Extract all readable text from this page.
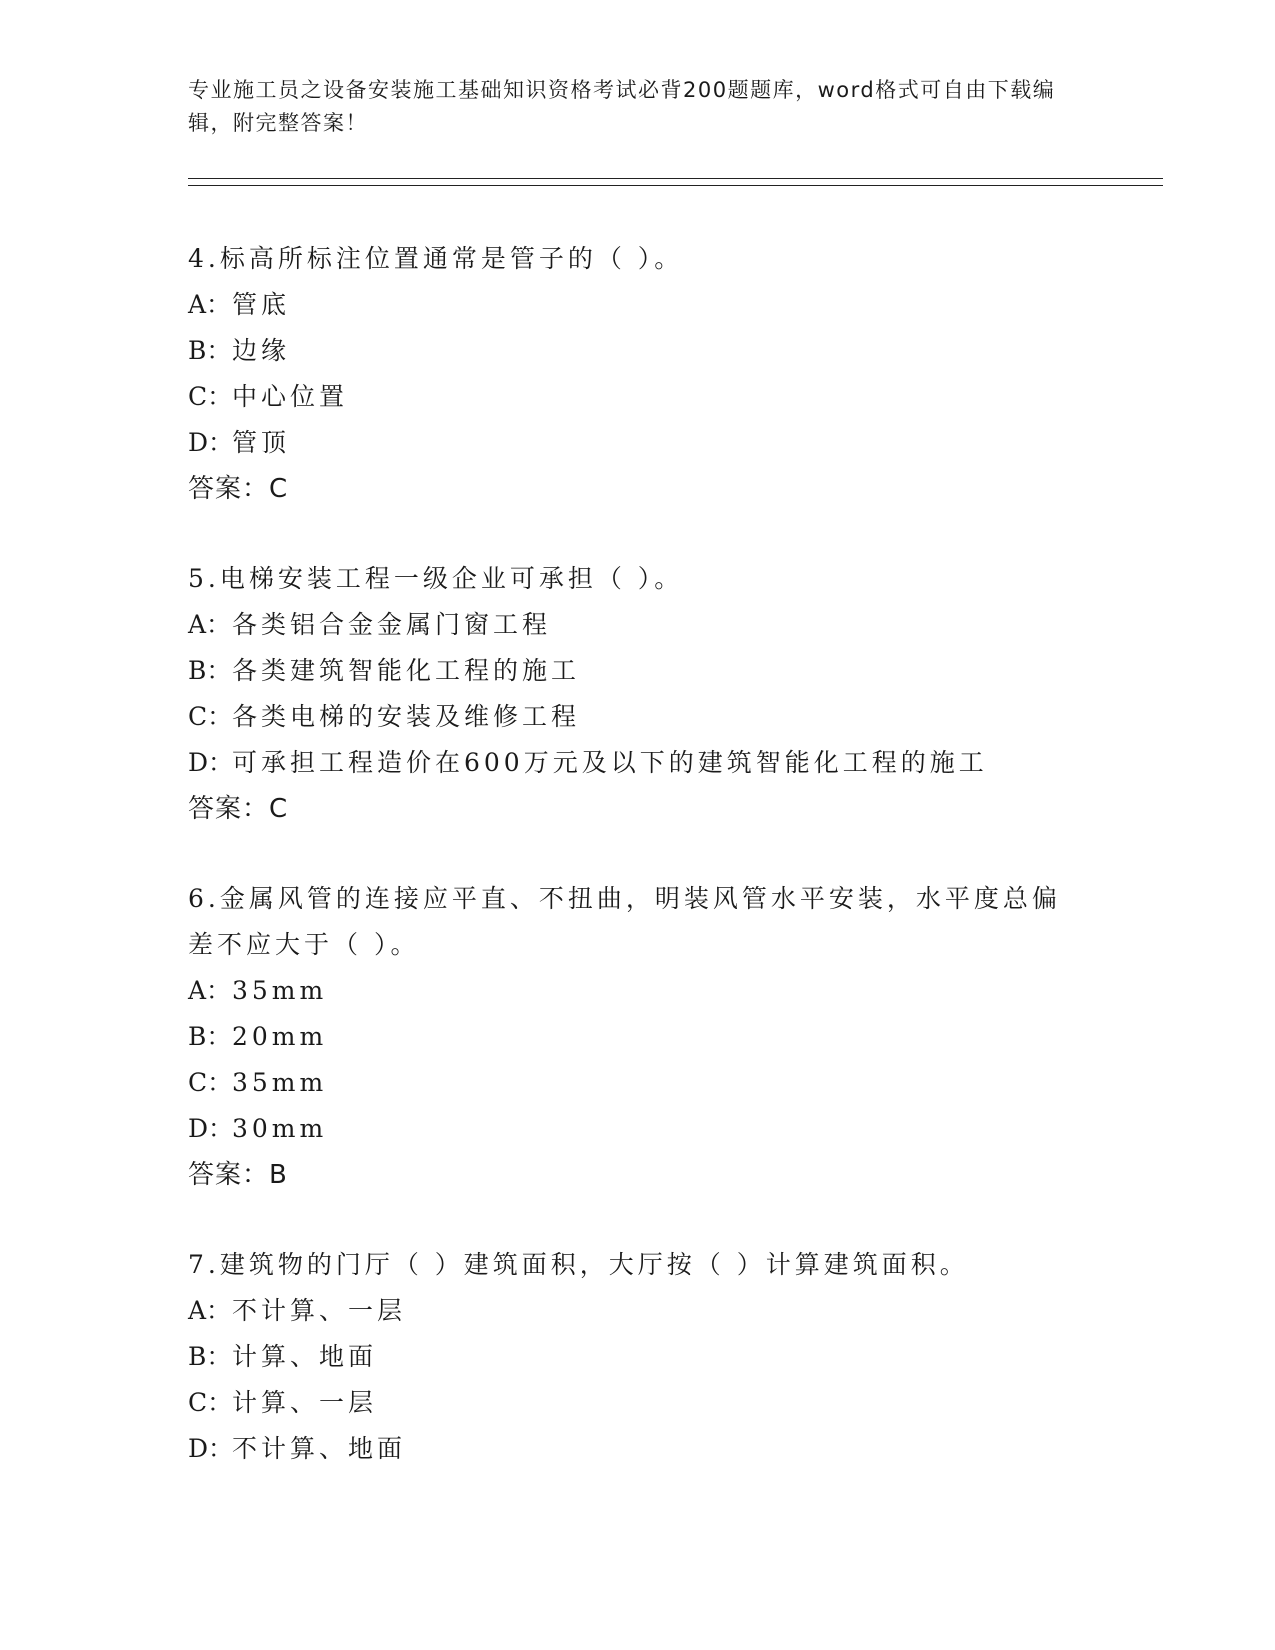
专业施工员之设备安装施工基础知识资格考试必背200题题库，word格式可自由下载编辑，附完整答案！
4.标高所标注位置通常是管子的（ ）。
A：管底
B：边缘
C：中心位置
D：管顶
答案：C
5.电梯安装工程一级企业可承担（ ）。
A：各类铝合金金属门窗工程
B：各类建筑智能化工程的施工
C：各类电梯的安装及维修工程
D：可承担工程造价在600万元及以下的建筑智能化工程的施工
答案：C
6.金属风管的连接应平直、不扭曲，明装风管水平安装，水平度总偏差不应大于（ ）。
A：35mm
B：20mm
C：35mm
D：30mm
答案：B
7.建筑物的门厅（ ）建筑面积，大厅按（ ）计算建筑面积。
A：不计算、一层
B：计算、地面
C：计算、一层
D：不计算、地面
